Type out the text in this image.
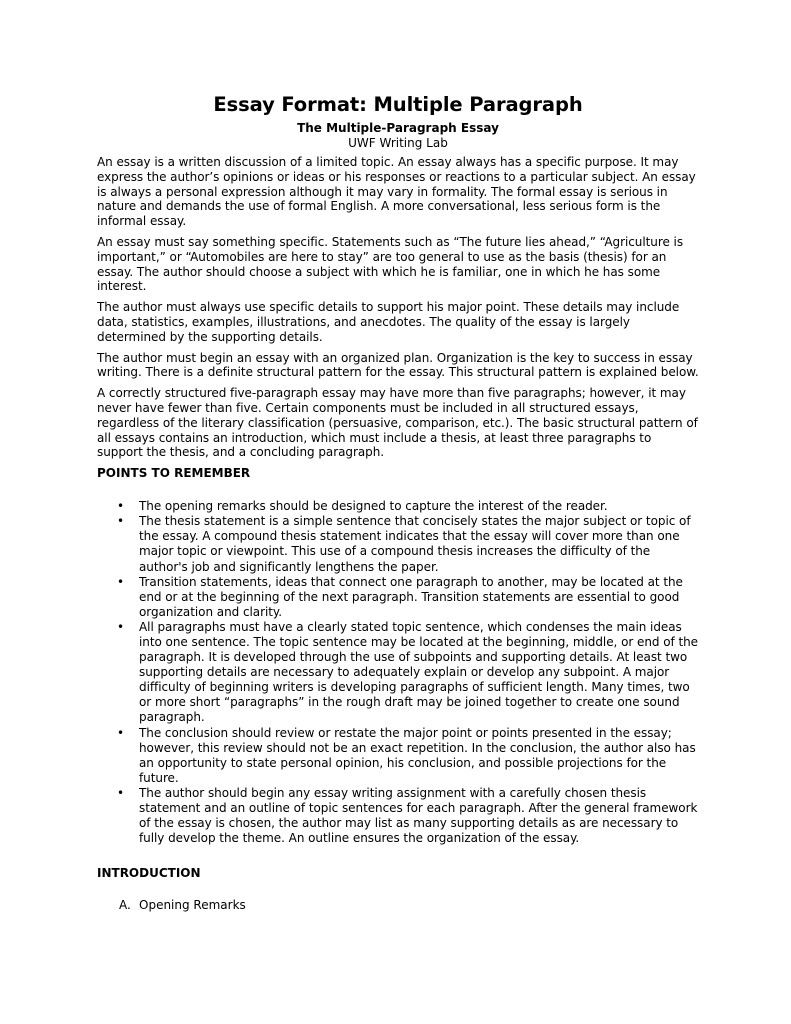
Essay Format: Multiple Paragraph
The Multiple-Paragraph Essay
UWF Writing Lab

An essay is a written discussion of a limited topic. An essay always has a specific purpose. It may express the author’s opinions or ideas or his responses or reactions to a particular subject. An essay is always a personal expression although it may vary in formality. The formal essay is serious in nature and demands the use of formal English. A more conversational, less serious form is the informal essay.

An essay must say something specific. Statements such as “The future lies ahead,” “Agriculture is important,” or “Automobiles are here to stay” are too general to use as the basis (thesis) for an essay. The author should choose a subject with which he is familiar, one in which he has some interest.

The author must always use specific details to support his major point. These details may include data, statistics, examples, illustrations, and anecdotes. The quality of the essay is largely determined by the supporting details.

The author must begin an essay with an organized plan. Organization is the key to success in essay writing. There is a definite structural pattern for the essay. This structural pattern is explained below.

A correctly structured five-paragraph essay may have more than five paragraphs; however, it may never have fewer than five. Certain components must be included in all structured essays, regardless of the literary classification (persuasive, comparison, etc.). The basic structural pattern of all essays contains an introduction, which must include a thesis, at least three paragraphs to support the thesis, and a concluding paragraph.

POINTS TO REMEMBER
• The opening remarks should be designed to capture the interest of the reader.
• The thesis statement is a simple sentence that concisely states the major subject or topic of the essay. A compound thesis statement indicates that the essay will cover more than one major topic or viewpoint. This use of a compound thesis increases the difficulty of the author's job and significantly lengthens the paper.
• Transition statements, ideas that connect one paragraph to another, may be located at the end or at the beginning of the next paragraph. Transition statements are essential to good organization and clarity.
• All paragraphs must have a clearly stated topic sentence, which condenses the main ideas into one sentence. The topic sentence may be located at the beginning, middle, or end of the paragraph. It is developed through the use of subpoints and supporting details. At least two supporting details are necessary to adequately explain or develop any subpoint. A major difficulty of beginning writers is developing paragraphs of sufficient length. Many times, two or more short “paragraphs” in the rough draft may be joined together to create one sound paragraph.
• The conclusion should review or restate the major point or points presented in the essay; however, this review should not be an exact repetition. In the conclusion, the author also has an opportunity to state personal opinion, his conclusion, and possible projections for the future.
• The author should begin any essay writing assignment with a carefully chosen thesis statement and an outline of topic sentences for each paragraph. After the general framework of the essay is chosen, the author may list as many supporting details as are necessary to fully develop the theme. An outline ensures the organization of the essay.
INTRODUCTION
A. Opening Remarks
